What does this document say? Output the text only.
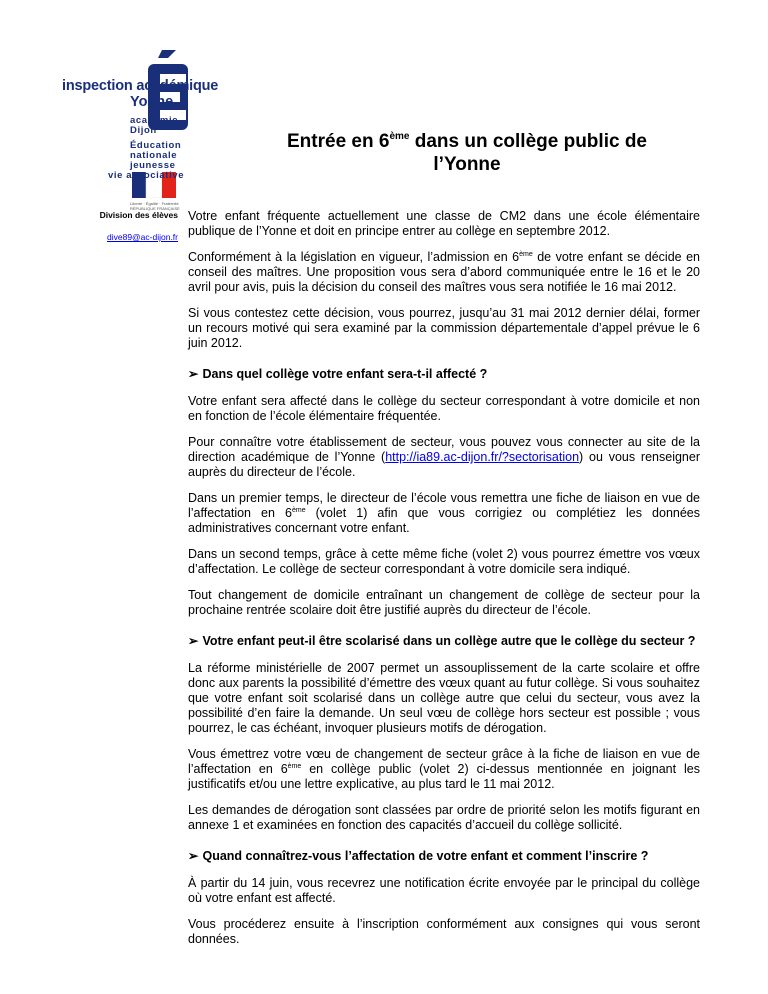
inspection académique
Yonne
académie
Dijon
Éducation
nationale
Liberté · Égalité · Fraternité
RÉPUBLIQUE FRANÇAISE
jeunesse
vie associative
Entrée en 6ème dans un collège public de
l’Yonne
Division des élèves
dive89@ac-dijon.fr

Votre enfant fréquente actuellement une classe de CM2 dans une école élémentaire publique de l’Yonne et doit en principe entrer au collège en septembre 2012.

Conformément à la législation en vigueur, l’admission en 6ème de votre enfant se décide en conseil des maîtres. Une proposition vous sera d’abord communiquée entre le 16 et le 20 avril pour avis, puis la décision du conseil des maîtres vous sera notifiée le 16 mai 2012.

Si vous contestez cette décision, vous pourrez, jusqu’au 31 mai 2012 dernier délai, former un recours motivé qui sera examiné par la commission départementale d’appel prévue le 6 juin 2012.

➢ Dans quel collège votre enfant sera-t-il affecté ?

Votre enfant sera affecté dans le collège du secteur correspondant à votre domicile et non en fonction de l’école élémentaire fréquentée.

Pour connaître votre établissement de secteur, vous pouvez vous connecter au site de la direction académique de l’Yonne (http://ia89.ac-dijon.fr/?sectorisation) ou vous renseigner auprès du directeur de l’école.

Dans un premier temps, le directeur de l’école vous remettra une fiche de liaison en vue de l’affectation en 6ème (volet 1) afin que vous corrigiez ou complétiez les données administratives concernant votre enfant.

Dans un second temps, grâce à cette même fiche (volet 2) vous pourrez émettre vos vœux d’affectation. Le collège de secteur correspondant à votre domicile sera indiqué.

Tout changement de domicile entraînant un changement de collège de secteur pour la prochaine rentrée scolaire doit être justifié auprès du directeur de l’école.

➢ Votre enfant peut-il être scolarisé dans un collège autre que le collège du secteur ?

La réforme ministérielle de 2007 permet un assouplissement de la carte scolaire et offre donc aux parents la possibilité d’émettre des vœux quant au futur collège. Si vous souhaitez que votre enfant soit scolarisé dans un collège autre que celui du secteur, vous avez la possibilité d’en faire la demande. Un seul vœu de collège hors secteur est possible ; vous pourrez, le cas échéant, invoquer plusieurs motifs de dérogation.

Vous émettrez votre vœu de changement de secteur grâce à la fiche de liaison en vue de l’affectation en 6ème en collège public (volet 2) ci-dessus mentionnée en joignant les justificatifs et/ou une lettre explicative, au plus tard le 11 mai 2012.

Les demandes de dérogation sont classées par ordre de priorité selon les motifs figurant en annexe 1 et examinées en fonction des capacités d’accueil du collège sollicité.

➢ Quand connaîtrez-vous l’affectation de votre enfant et comment l’inscrire ?

À partir du 14 juin, vous recevrez une notification écrite envoyée par le principal du collège où votre enfant est affecté.

Vous procéderez ensuite à l’inscription conformément aux consignes qui vous seront données.
